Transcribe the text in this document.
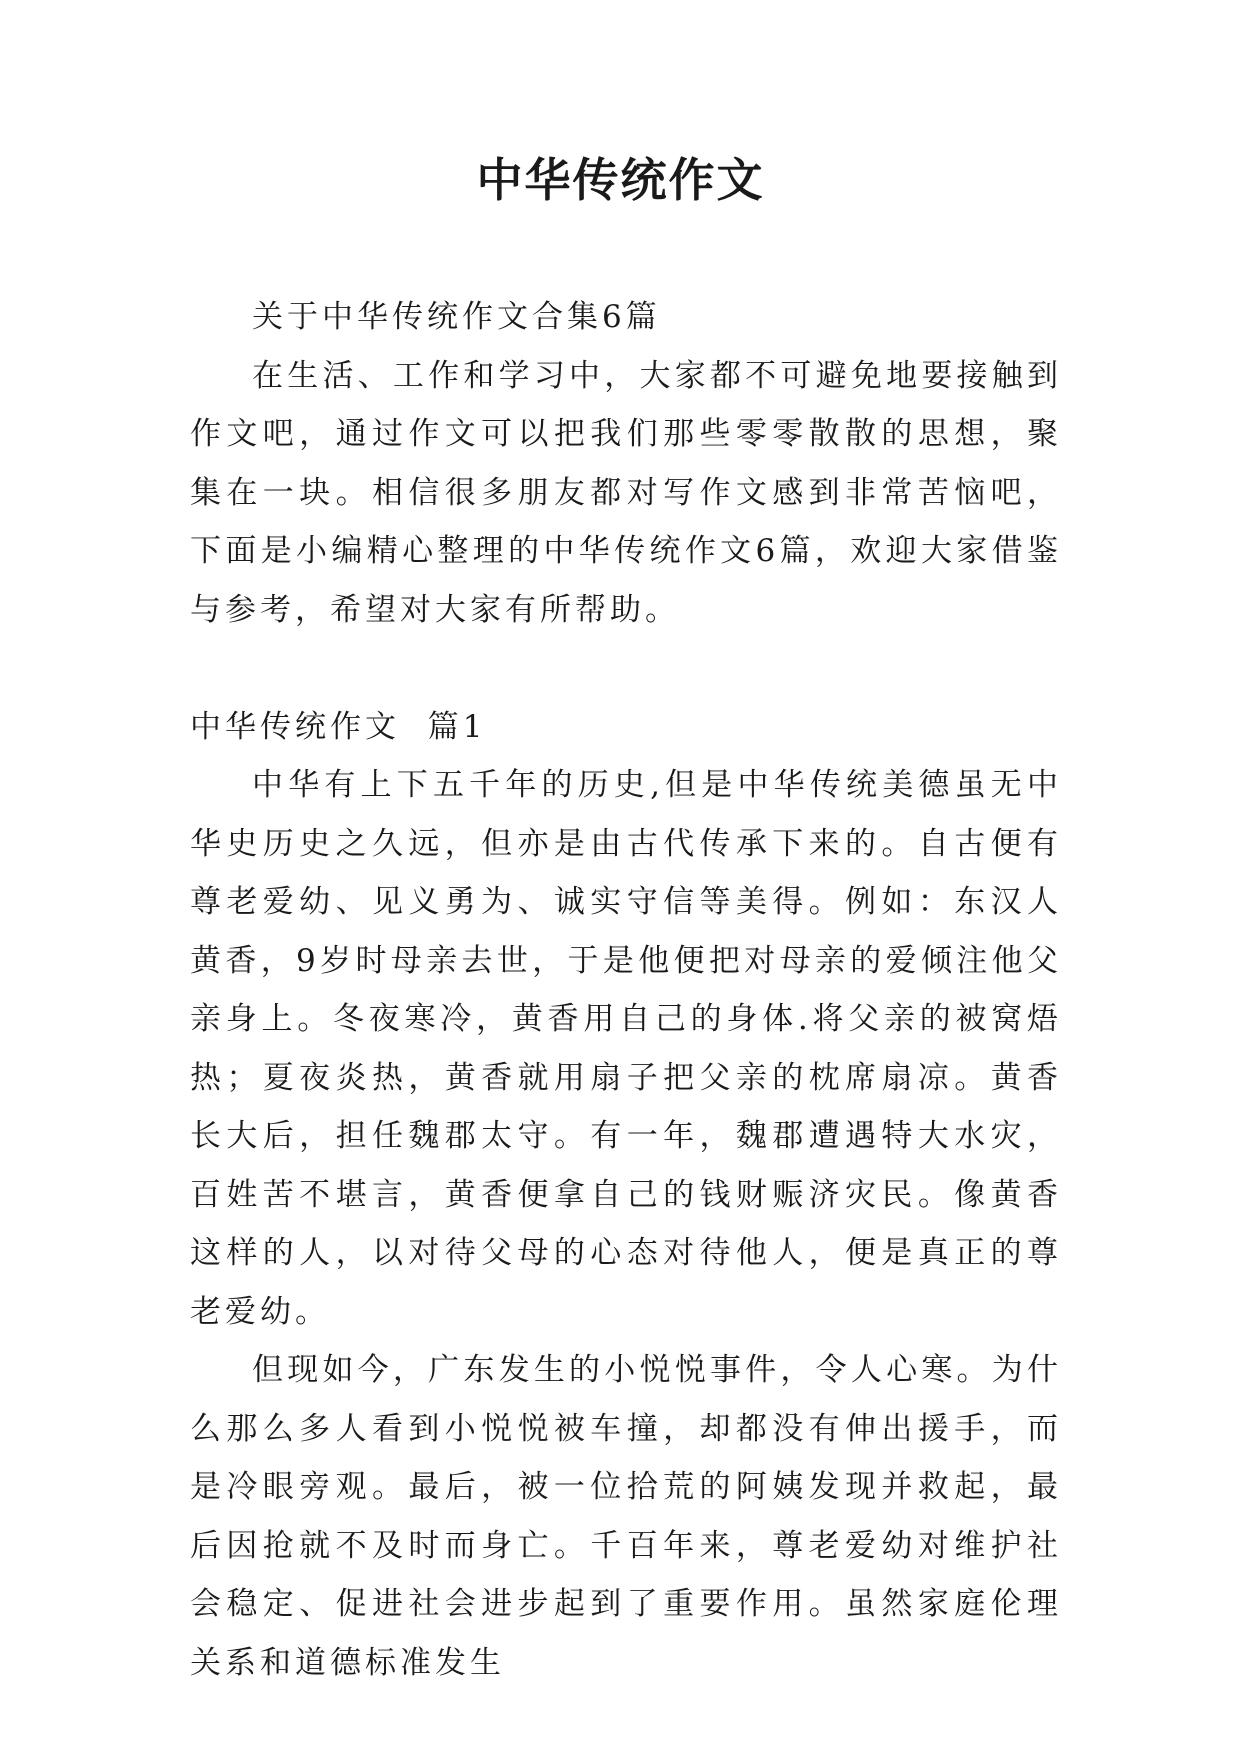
中华传统作文

关于中华传统作文合集6篇

在生活、工作和学习中，大家都不可避免地要接触到作文吧，通过作文可以把我们那些零零散散的思想，聚集在一块。相信很多朋友都对写作文感到非常苦恼吧，下面是小编精心整理的中华传统作文6篇，欢迎大家借鉴与参考，希望对大家有所帮助。

中华传统作文  篇1

中华有上下五千年的历史,但是中华传统美德虽无中华史历史之久远，但亦是由古代传承下来的。自古便有尊老爱幼、见义勇为、诚实守信等美得。例如：东汉人黄香，9岁时母亲去世，于是他便把对母亲的爱倾注他父亲身上。冬夜寒冷，黄香用自己的身体.将父亲的被窝焐热；夏夜炎热，黄香就用扇子把父亲的枕席扇凉。黄香长大后，担任魏郡太守。有一年，魏郡遭遇特大水灾，百姓苦不堪言，黄香便拿自己的钱财赈济灾民。像黄香这样的人，以对待父母的心态对待他人，便是真正的尊老爱幼。

但现如今，广东发生的小悦悦事件，令人心寒。为什么那么多人看到小悦悦被车撞，却都没有伸出援手，而是冷眼旁观。最后，被一位拾荒的阿姨发现并救起，最后因抢就不及时而身亡。千百年来，尊老爱幼对维护社会稳定、促进社会进步起到了重要作用。虽然家庭伦理关系和道德标准发生
